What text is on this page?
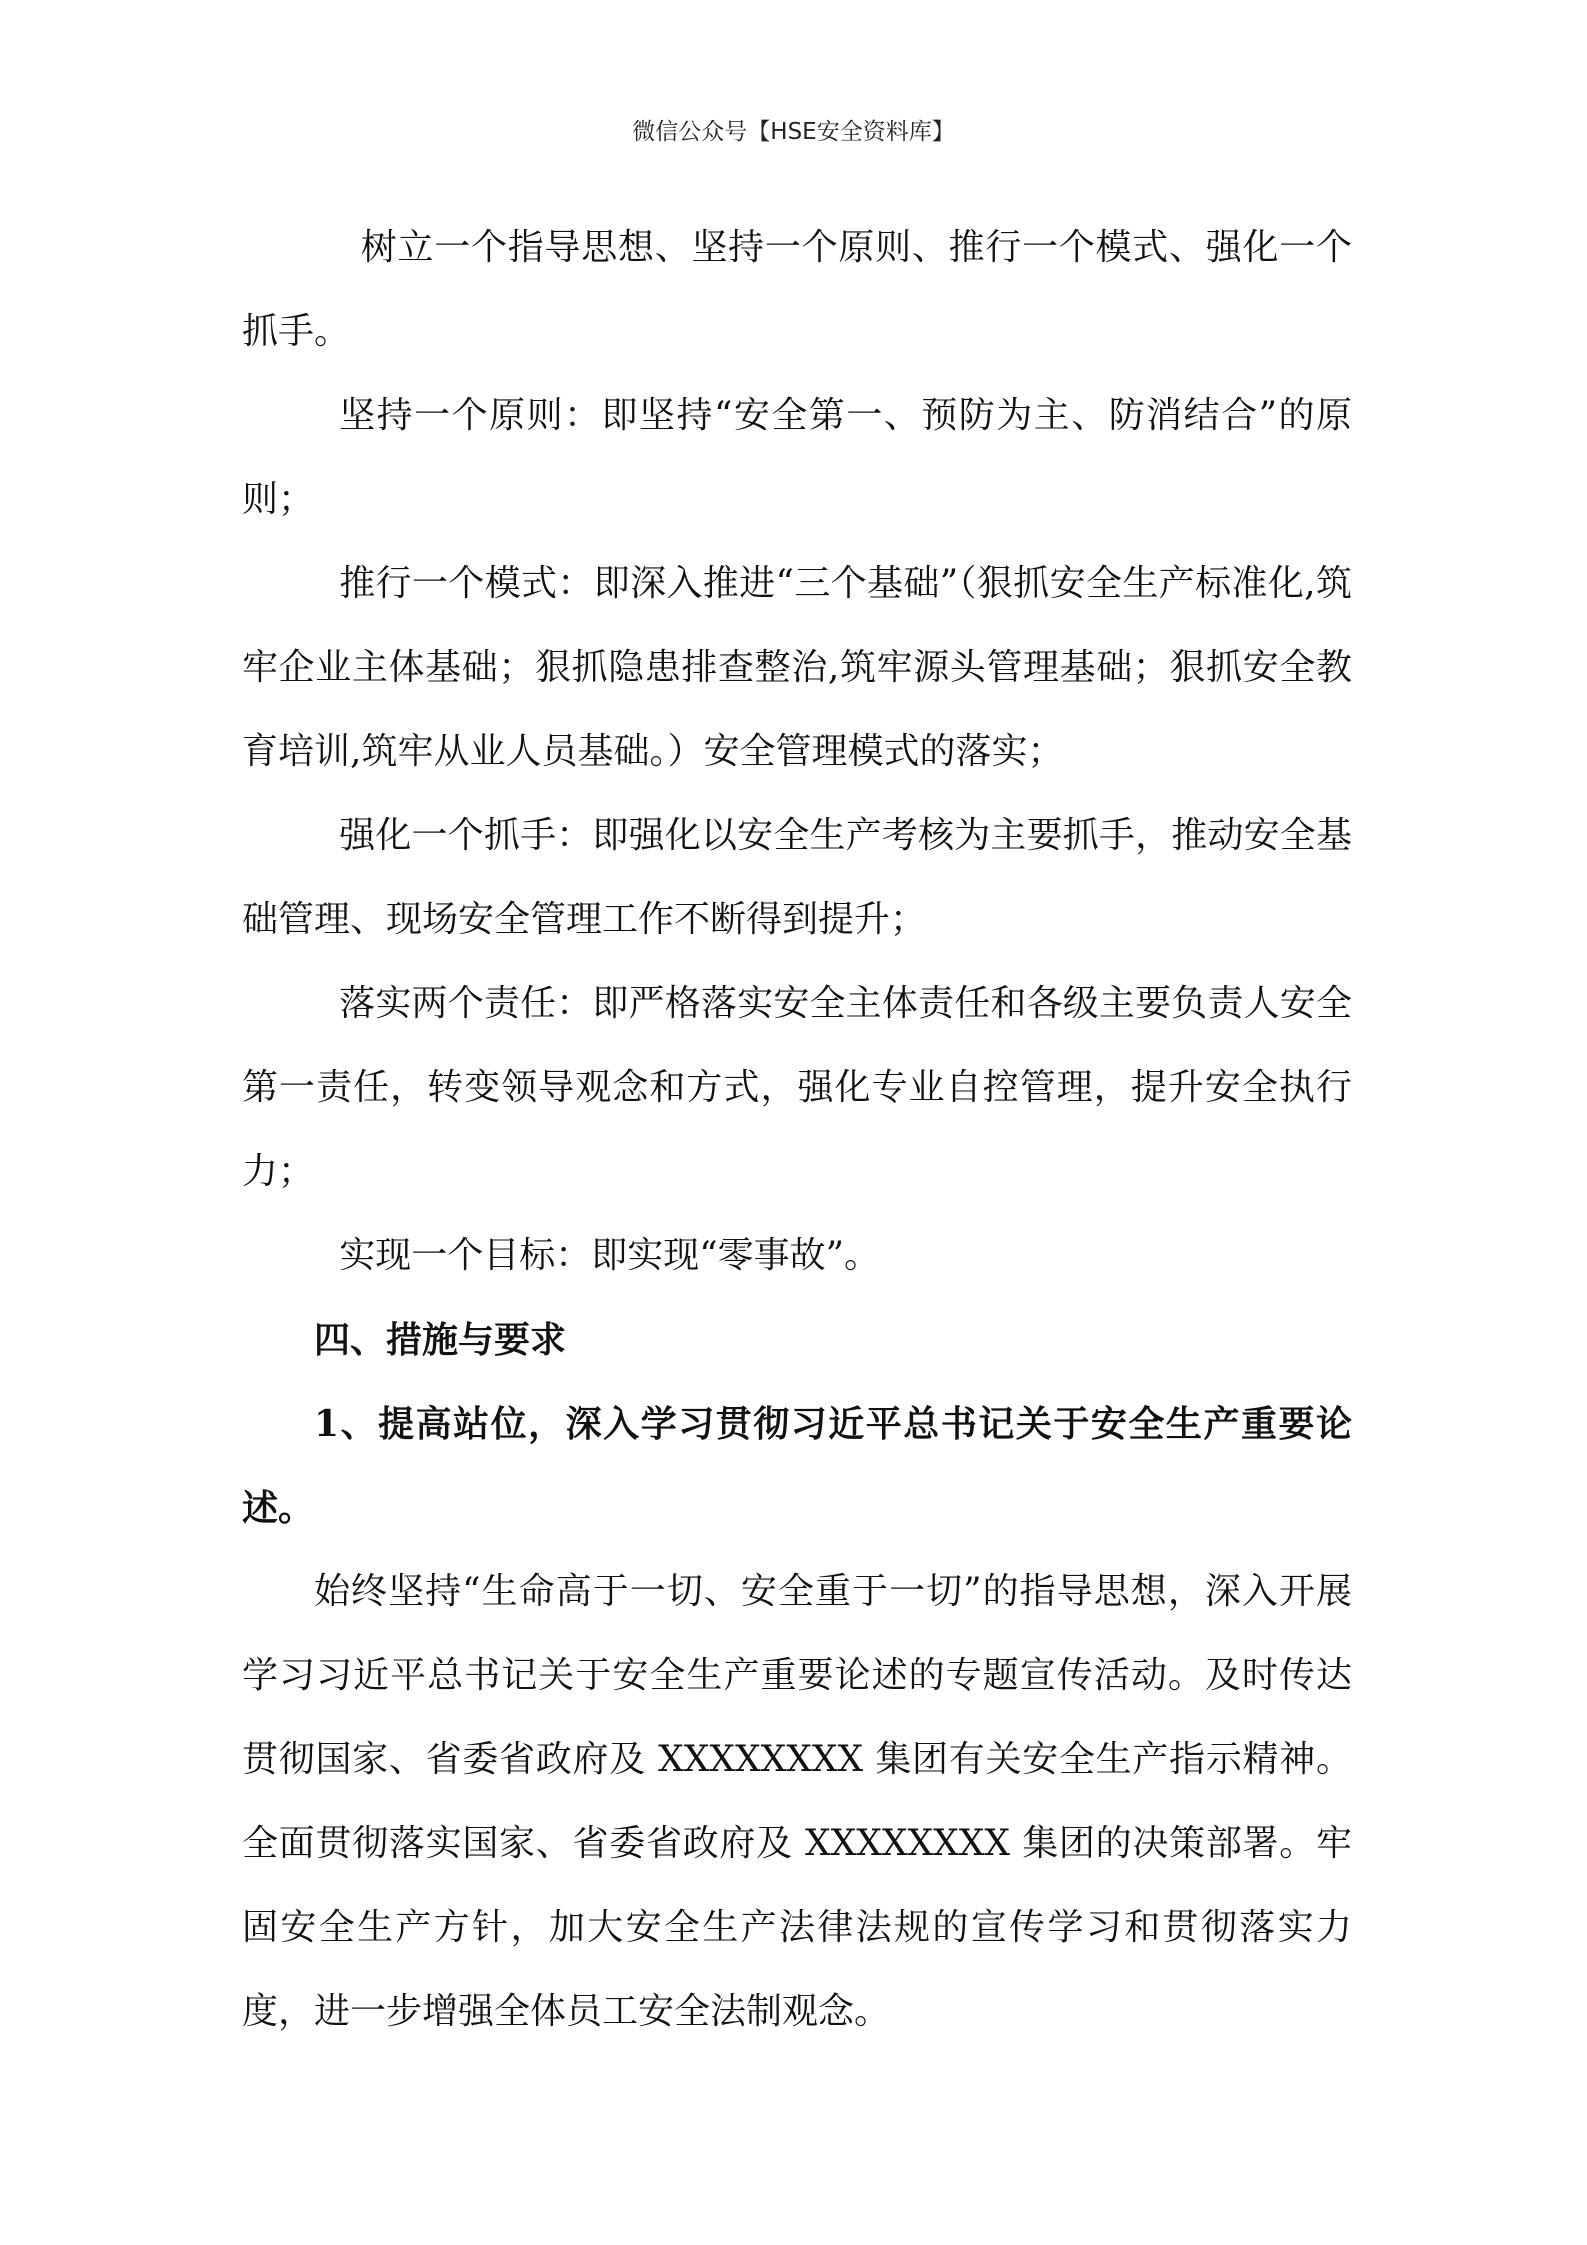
微信公众号【HSE安全资料库】

树立一个指导思想、坚持一个原则、推行一个模式、强化一个抓手。

坚持一个原则：即坚持“安全第一、预防为主、防消结合”的原则；

推行一个模式：即深入推进“三个基础”（狠抓安全生产标准化,筑牢企业主体基础；狠抓隐患排查整治,筑牢源头管理基础；狠抓安全教育培训,筑牢从业人员基础。）安全管理模式的落实；

强化一个抓手：即强化以安全生产考核为主要抓手，推动安全基础管理、现场安全管理工作不断得到提升；

落实两个责任：即严格落实安全主体责任和各级主要负责人安全第一责任，转变领导观念和方式，强化专业自控管理，提升安全执行力；

实现一个目标：即实现“零事故”。

四、措施与要求

1、提高站位，深入学习贯彻习近平总书记关于安全生产重要论述。

始终坚持“生命高于一切、安全重于一切”的指导思想，深入开展学习习近平总书记关于安全生产重要论述的专题宣传活动。及时传达贯彻国家、省委省政府及 XXXXXXXX 集团有关安全生产指示精神。全面贯彻落实国家、省委省政府及 XXXXXXXX 集团的决策部署。牢固安全生产方针，加大安全生产法律法规的宣传学习和贯彻落实力度，进一步增强全体员工安全法制观念。
